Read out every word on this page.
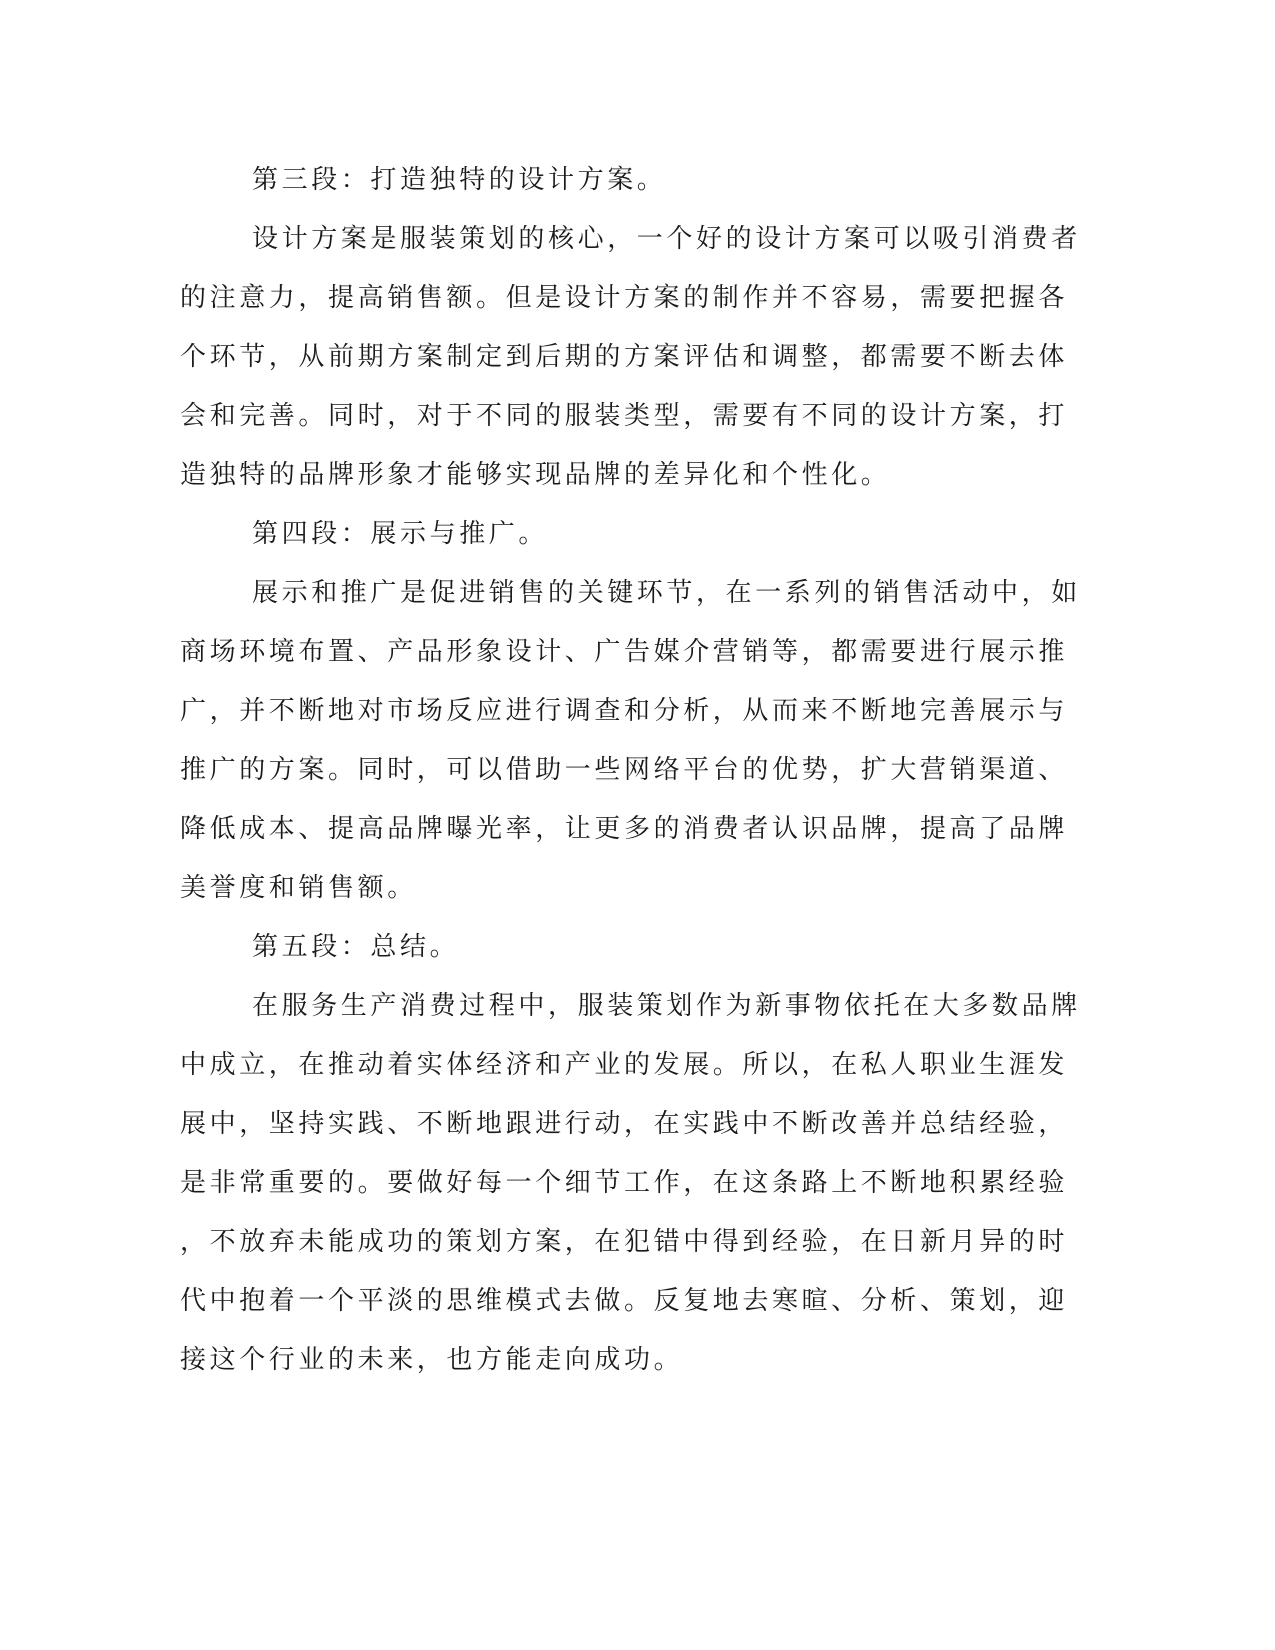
第三段：打造独特的设计方案。

设计方案是服装策划的核心，一个好的设计方案可以吸引消费者

的注意力，提高销售额。但是设计方案的制作并不容易，需要把握各

个环节，从前期方案制定到后期的方案评估和调整，都需要不断去体

会和完善。同时，对于不同的服装类型，需要有不同的设计方案，打

造独特的品牌形象才能够实现品牌的差异化和个性化。

第四段：展示与推广。

展示和推广是促进销售的关键环节，在一系列的销售活动中，如

商场环境布置、产品形象设计、广告媒介营销等，都需要进行展示推

广，并不断地对市场反应进行调查和分析，从而来不断地完善展示与

推广的方案。同时，可以借助一些网络平台的优势，扩大营销渠道、

降低成本、提高品牌曝光率，让更多的消费者认识品牌，提高了品牌

美誉度和销售额。

第五段：总结。

在服务生产消费过程中，服装策划作为新事物依托在大多数品牌

中成立，在推动着实体经济和产业的发展。所以，在私人职业生涯发

展中，坚持实践、不断地跟进行动，在实践中不断改善并总结经验，

是非常重要的。要做好每一个细节工作，在这条路上不断地积累经验

，不放弃未能成功的策划方案，在犯错中得到经验，在日新月异的时

代中抱着一个平淡的思维模式去做。反复地去寒暄、分析、策划，迎

接这个行业的未来，也方能走向成功。
